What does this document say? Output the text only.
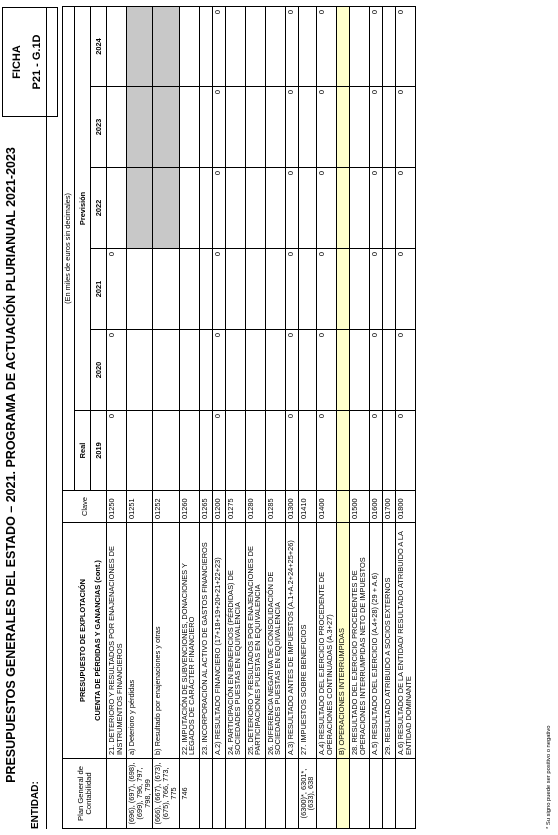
PRESUPUESTOS GENERALES DEL ESTADO – 2021. PROGRAMA DE ACTUACIÓN PLURIANUAL 2021-2023
FICHA P21 - G.1D
ENTIDAD:	Plan General de Contabilidad		Clave	(En miles de euros sin decimales)					
	PRESUPUESTO DE EXPLOTACIÓN		Real	Previsión				
	CUENTA DE PÉRDIDAS Y GANANCIAS (cont.)		2019	2020	2021	2022	2023	2024
	21. DETERIORO Y RESULTADOS POR ENAJENACIONES DE INSTRUMENTOS FINANCIEROS	01250	0	0	0			
(696), (697), (698), (699), 796, 797, 798, 799	a) Deterioro y pérdidas	01251						
(666), (667), (673), (675), 766, 773, 775	b) Resultado por enajenaciones y otras	01252						
746	22. IMPUTACIÓN DE SUBVENCIONES, DONACIONES Y LEGADOS DE CARÁCTER FINANCIERO	01260						
	23. INCORPORACIÓN AL ACTIVO DE GASTOS FINANCIEROS	01265						
	A.2) RESULTADO FINANCIERO (17+18+19+20+21+22+23)	01200	0	0	0	0	0	0
	24. PARTICIPACIÓN EN BENEFICIOS (PÉRDIDAS) DE SOCIEDADES PUESTAS EN EQUIVALENCIA	01275						
	25. DETERIORO Y RESULTADOS POR ENAJENACIONES DE PARTICIPACIONES PUESTAS EN EQUIVALENCIA	01280						
	26. DIFERENCIA NEGATIVA DE CONSOLIDACIÓN DE SOCIEDADES PUESTAS EN EQUIVALENCIA	01285						
	A.3) RESULTADO ANTES DE IMPUESTOS (A.1+A.2+24+25+26)	01300	0	0	0	0	0	0
(6300)*, 6301*, (633), 638	27. IMPUESTOS SOBRE BENEFICIOS	01410						
	A.4) RESULTADO DEL EJERCICIO PROCEDENTE DE OPERACIONES CONTINUADAS (A.3+27)	01400	0	0	0	0	0	0
	B) OPERACIONES INTERRUMPIDAS							
	28. RESULTADO DEL EJERCICIO PROCEDENTES DE OPERACIONES INTERRUMPIDAS NETO DE IMPUESTOS	01500						
	A.5) RESULTADO DEL EJERCICIO (A.4+28) (29 + A.6)	01600	0	0	0	0	0	0
	29. RESULTADO ATRIBUIDO A SOCIOS EXTERNOS	01700						
	A.6) RESULTADO DE LA ENTIDAD/ RESULTADO ATRIBUIDO A LA ENTIDAD DOMINANTE	01800	0	0	0	0	0	0
* Su signo puede ser positivo o negativo
